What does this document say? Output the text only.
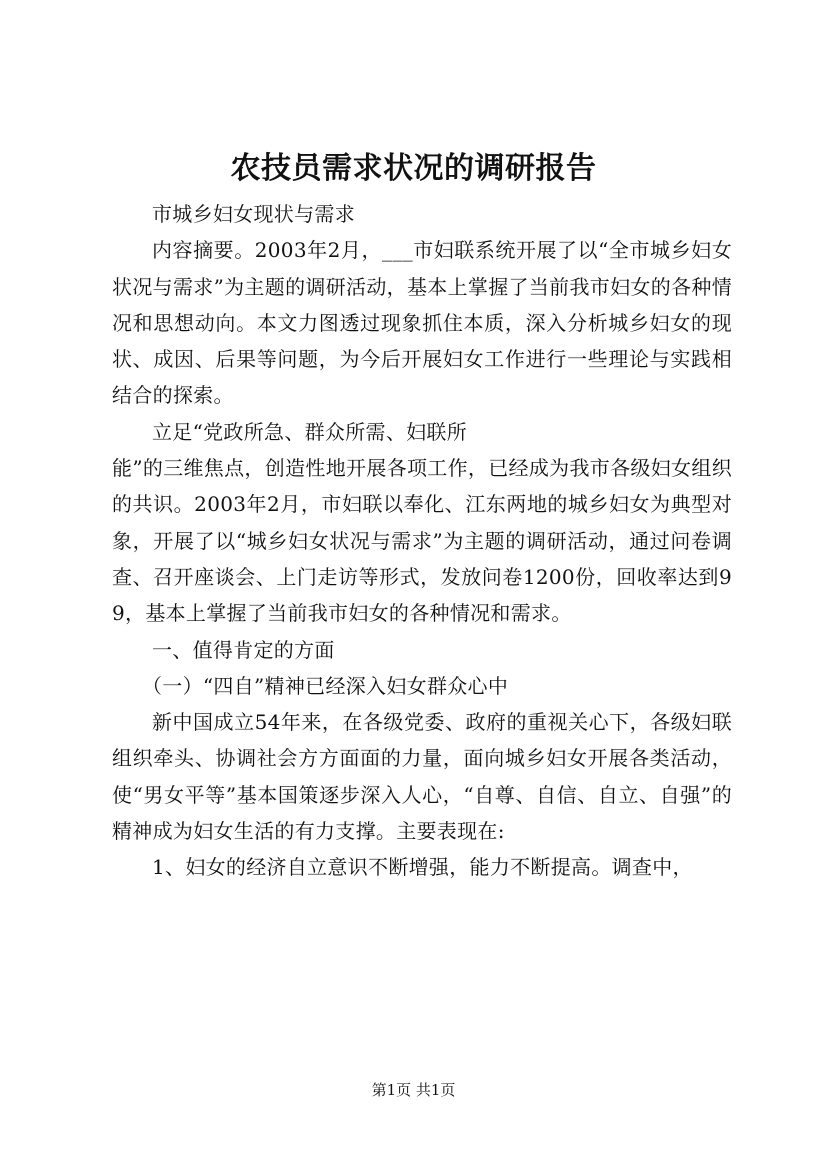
农技员需求状况的调研报告

市城乡妇女现状与需求

内容摘要。2003年2月，___市妇联系统开展了以“全市城乡妇女状况与需求”为主题的调研活动，基本上掌握了当前我市妇女的各种情况和思想动向。本文力图透过现象抓住本质，深入分析城乡妇女的现状、成因、后果等问题，为今后开展妇女工作进行一些理论与实践相结合的探索。

立足“党政所急、群众所需、妇联所

能”的三维焦点，创造性地开展各项工作，已经成为我市各级妇女组织的共识。2003年2月，市妇联以奉化、江东两地的城乡妇女为典型对象，开展了以“城乡妇女状况与需求”为主题的调研活动，通过问卷调查、召开座谈会、上门走访等形式，发放问卷1200份，回收率达到99，基本上掌握了当前我市妇女的各种情况和需求。

一、值得肯定的方面

（一）“四自”精神已经深入妇女群众心中

新中国成立54年来，在各级党委、政府的重视关心下，各级妇联组织牵头、协调社会方方面面的力量，面向城乡妇女开展各类活动，使“男女平等”基本国策逐步深入人心，“自尊、自信、自立、自强”的精神成为妇女生活的有力支撑。主要表现在:

1、妇女的经济自立意识不断增强，能力不断提高。调查中，

第1页 共1页
